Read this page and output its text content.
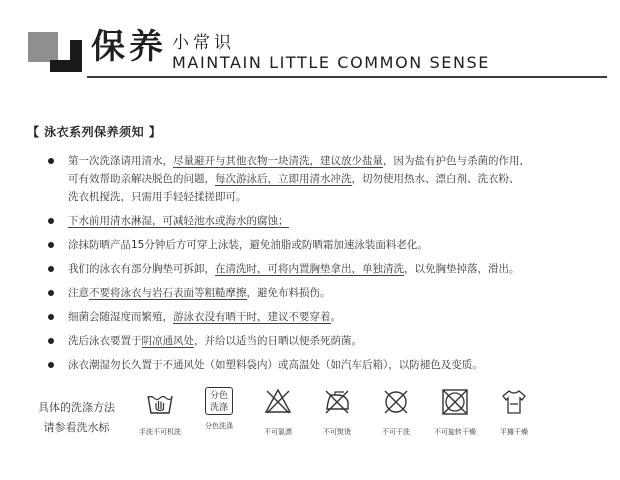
保养 小常识
MAINTAIN LITTLE COMMON SENSE
【 泳衣系列保养须知 】
第一次洗涤请用清水，尽量避开与其他衣物一块清洗，建议放少盐量，因为盐有护色与杀菌的作用，
可有效帮助亲解决脱色的问题，每次游泳后，立即用清水冲洗，切勿使用热水、漂白剂、洗衣粉、
洗衣机搅洗，只需用手轻轻揉搓即可。
下水前用清水淋湿，可减轻池水或海水的腐蚀；
涂抹防晒产品15分钟后方可穿上泳装，避免油脂或防晒霜加速泳装面料老化。
我们的泳衣有部分胸垫可拆卸，在清洗时，可将内置胸垫拿出，单独清洗，以免胸垫掉落，滑出。
注意不要将泳衣与岩石表面等粗糙摩擦，避免布料损伤。
细菌会随湿度而繁殖，游泳衣没有晒干时，建议不要穿着。
洗后泳衣要置于阴凉通风处，并给以适当的日晒以便杀死荫菌。
泳衣潮湿勿长久置于不通风处（如塑料袋内）或高温处（如汽车后箱），以防褪色及变质。
具体的洗涤方法
请参看洗水标	手洗不可机洗
分色
洗涤
分色洗涤
不可氯漂	不可熨烫	不可干洗	不可旋转干燥	平摊干燥
